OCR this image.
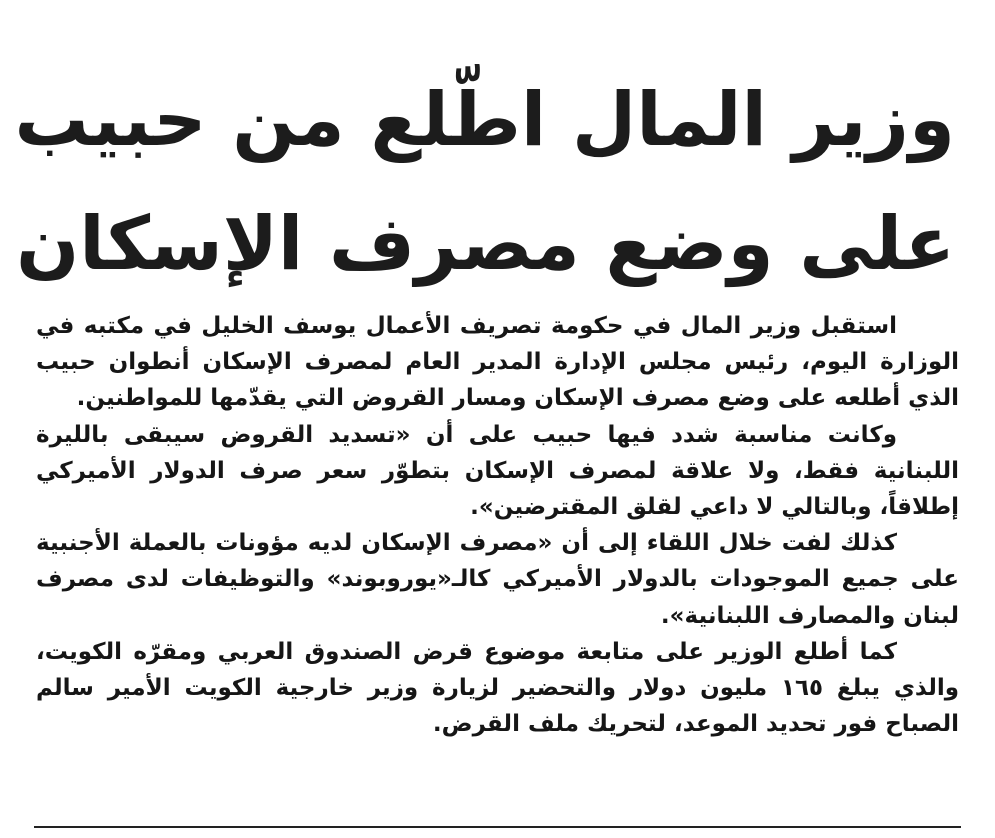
وزير المال اطّلع من حبيب
على وضع مصرف الإسكان

استقبل وزير المال في حكومة تصريف الأعمال يوسف الخليل في مكتبه في الوزارة اليوم، رئيس مجلس الإدارة المدير العام لمصرف الإسكان أنطوان حبيب الذي أطلعه على وضع مصرف الإسكان ومسار القروض التي يقدّمها للمواطنين.

وكانت مناسبة شدد فيها حبيب على أن «تسديد القروض سيبقى بالليرة اللبنانية فقط، ولا علاقة لمصرف الإسكان بتطوّر سعر صرف الدولار الأميركي إطلاقاً، وبالتالي لا داعي لقلق المقترضين».

كذلك لفت خلال اللقاء إلى أن «مصرف الإسكان لديه مؤونات بالعملة الأجنبية على جميع الموجودات بالدولار الأميركي كالـ«يوروبوند» والتوظيفات لدى مصرف لبنان والمصارف اللبنانية».

كما أطلع الوزير على متابعة موضوع قرض الصندوق العربي ومقرّه الكويت، والذي يبلغ ١٦٥ مليون دولار والتحضير لزيارة وزير خارجية الكويت الأمير سالم الصباح فور تحديد الموعد، لتحريك ملف القرض.
